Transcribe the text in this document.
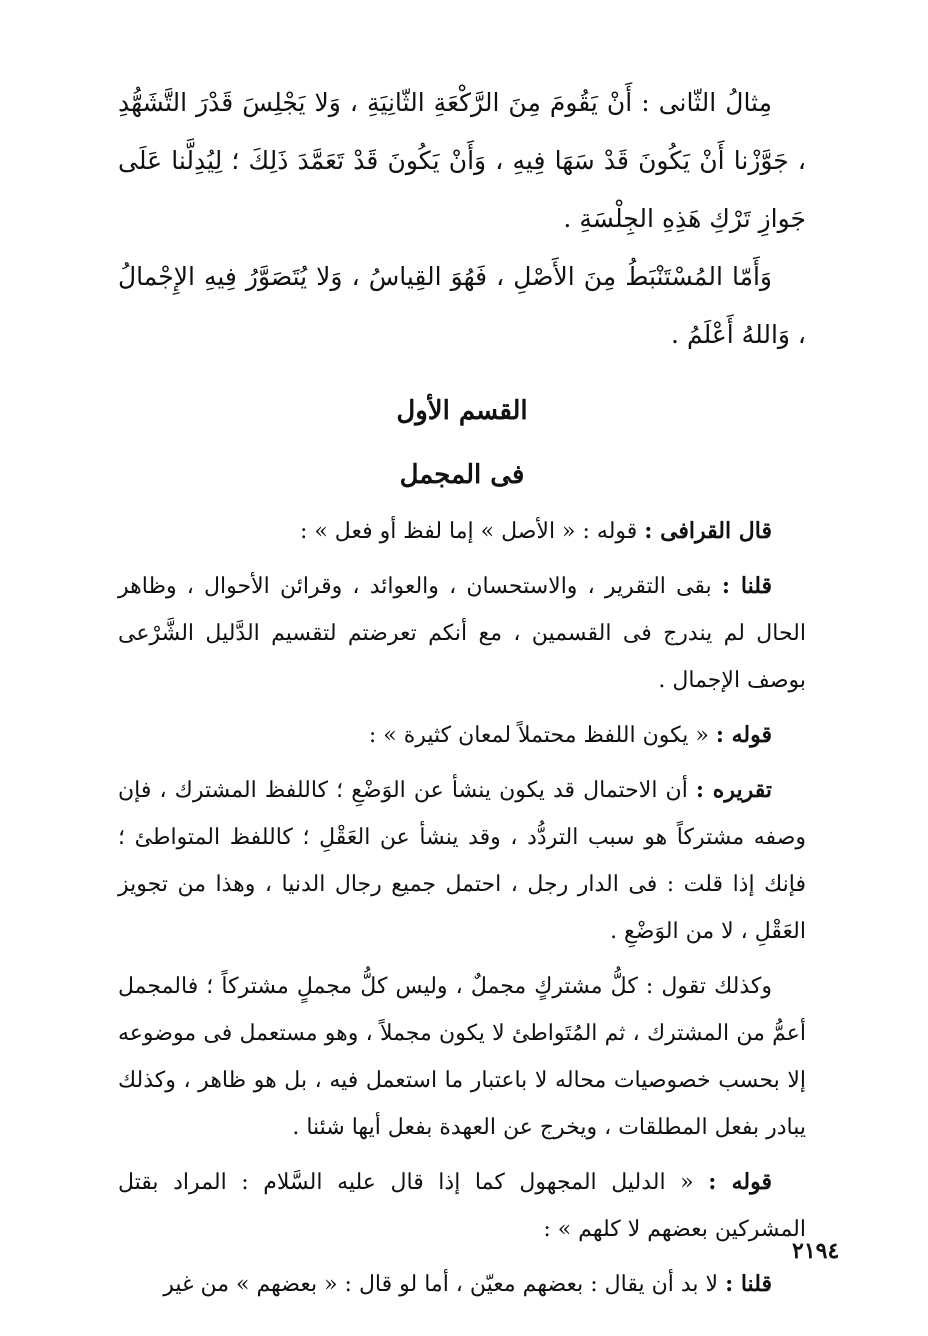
مِثالُ الثّانى : أَنْ يَقُومَ مِنَ الرَّكْعَةِ الثّانِيَةِ ، وَلا يَجْلِسَ قَدْرَ التَّشَهُّدِ ، جَوَّزْنا أَنْ يَكُونَ قَدْ سَهَا فِيهِ ، وَأَنْ يَكُونَ قَدْ تَعَمَّدَ ذَلِكَ ؛ لِيُدِلَّنا عَلَى جَوازِ تَرْكِ هَذِهِ الجِلْسَةِ .

وَأَمّا المُسْتَنْبَطُ مِنَ الأَصْلِ ، فَهُوَ القِياسُ ، وَلا يُتَصَوَّرُ فِيهِ الإِجْمالُ ، وَاللهُ أَعْلَمُ .

القسم الأول
فى المجمل

قال القرافى : قوله : « الأصل » إما لفظ أو فعل » :

قلنا : بقى التقرير ، والاستحسان ، والعوائد ، وقرائن الأحوال ، وظاهر الحال لم يندرج فى القسمين ، مع أنكم تعرضتم لتقسيم الدَّليل الشَّرْعى بوصف الإجمال .

قوله : « يكون اللفظ محتملاً لمعان كثيرة » :

تقريره : أن الاحتمال قد يكون ينشأ عن الوَضْعِ ؛ كاللفظ المشترك ، فإن وصفه مشتركاً هو سبب التردُّد ، وقد ينشأ عن العَقْلِ ؛ كاللفظ المتواطئ ؛ فإنك إذا قلت : فى الدار رجل ، احتمل جميع رجال الدنيا ، وهذا من تجويز العَقْلِ ، لا من الوَضْعِ .

وكذلك تقول : كلُّ مشتركٍ مجملٌ ، وليس كلُّ مجملٍ مشتركاً ؛ فالمجمل أعمُّ من المشترك ، ثم المُتَواطئ لا يكون مجملاً ، وهو مستعمل فى موضوعه إلا بحسب خصوصيات محاله لا باعتبار ما استعمل فيه ، بل هو ظاهر ، وكذلك يبادر بفعل المطلقات ، ويخرج عن العهدة بفعل أيها شئنا .

قوله : « الدليل المجهول كما إذا قال عليه السَّلام : المراد بقتل المشركين بعضهم لا كلهم » :

قلنا : لا بد أن يقال : بعضهم معيّن ، أما لو قال : « بعضهم » من غير

٢١٩٤
